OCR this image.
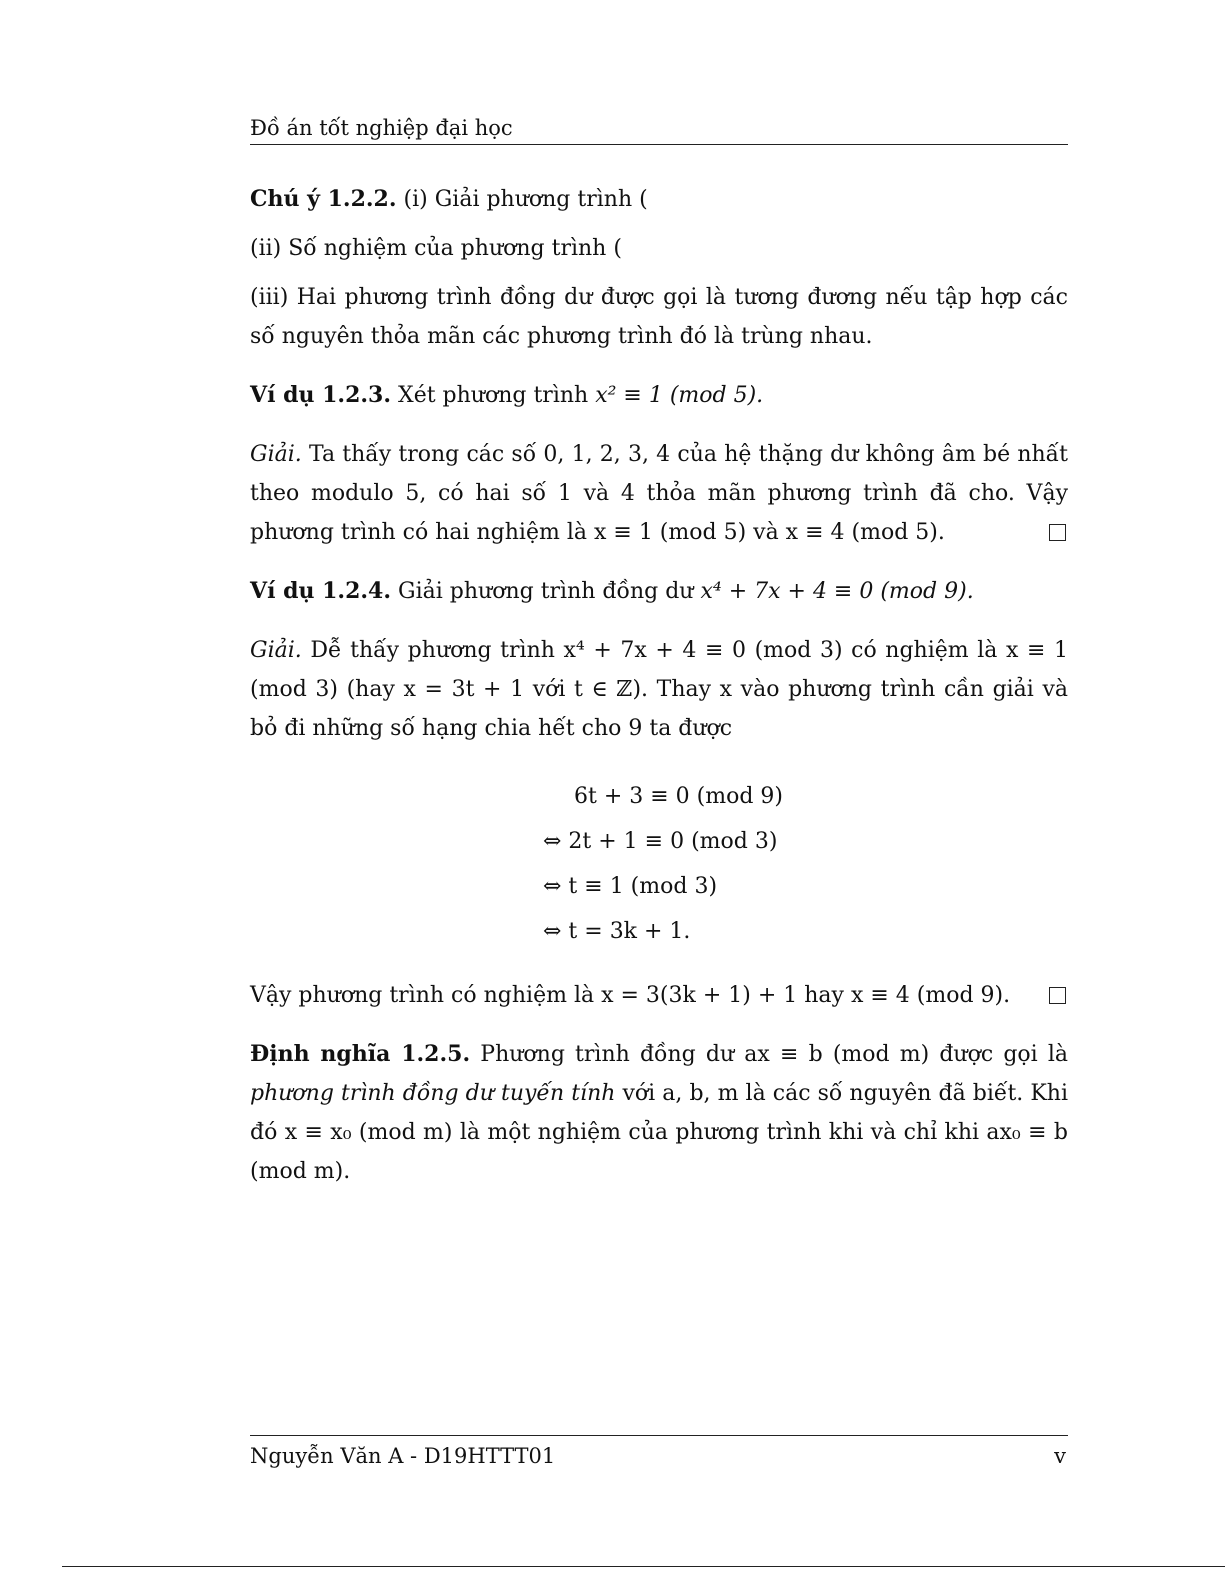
Đồ án tốt nghiệp đại học

Chú ý 1.2.2. (i) Giải phương trình (

(ii) Số nghiệm của phương trình (

(iii) Hai phương trình đồng dư được gọi là tương đương nếu tập hợp các số nguyên thỏa mãn các phương trình đó là trùng nhau.

Ví dụ 1.2.3. Xét phương trình x² ≡ 1 (mod 5).

Giải. Ta thấy trong các số 0, 1, 2, 3, 4 của hệ thặng dư không âm bé nhất theo modulo 5, có hai số 1 và 4 thỏa mãn phương trình đã cho. Vậy phương trình có hai nghiệm là x ≡ 1 (mod 5) và x ≡ 4 (mod 5).

Ví dụ 1.2.4. Giải phương trình đồng dư x⁴ + 7x + 4 ≡ 0 (mod 9).

Giải. Dễ thấy phương trình x⁴ + 7x + 4 ≡ 0 (mod 3) có nghiệm là x ≡ 1 (mod 3) (hay x = 3t + 1 với t ∈ ℤ). Thay x vào phương trình cần giải và bỏ đi những số hạng chia hết cho 9 ta được

6t + 3 ≡ 0 (mod 9)
⇔ 2t + 1 ≡ 0 (mod 3)
⇔ t ≡ 1 (mod 3)
⇔ t = 3k + 1.

Vậy phương trình có nghiệm là x = 3(3k + 1) + 1 hay x ≡ 4 (mod 9).

Định nghĩa 1.2.5. Phương trình đồng dư ax ≡ b (mod m) được gọi là phương trình đồng dư tuyến tính với a, b, m là các số nguyên đã biết. Khi đó x ≡ x₀ (mod m) là một nghiệm của phương trình khi và chỉ khi ax₀ ≡ b (mod m).

Nguyễn Văn A - D19HTTT01	v
